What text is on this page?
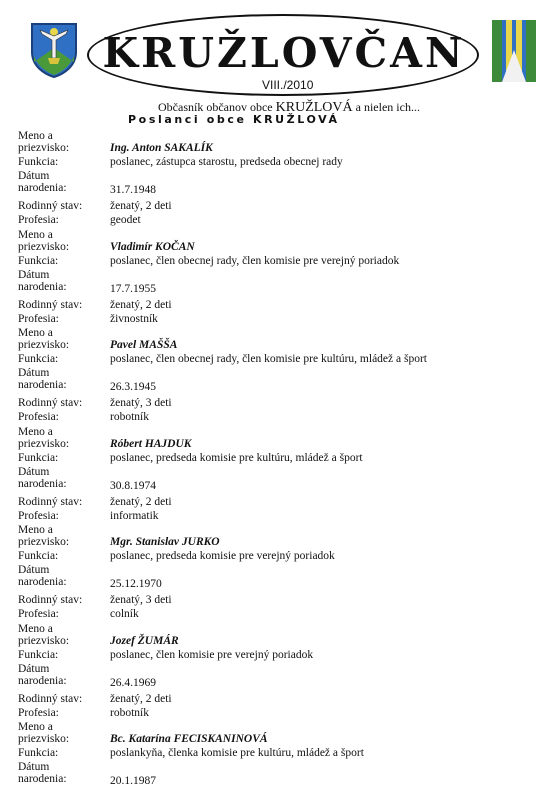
KRUŽLOVČAN
VIII./2010
Občasník občanov obce KRUŽLOVÁ a nielen ich...
Poslanci obce KRUŽLOVÁ
Meno a
priezvisko:	Ing. Anton SAKALÍK
Funkcia:	poslanec, zástupca starostu, predseda obecnej rady
Dátum
narodenia:	31.7.1948
Rodinný stav:	ženatý, 2 deti
Profesia:	geodet
Meno a
priezvisko:	Vladimír KOČAN
Funkcia:	poslanec, člen obecnej rady, člen komisie pre verejný poriadok
Dátum
narodenia:	17.7.1955
Rodinný stav:	ženatý, 2 deti
Profesia:	živnostník
Meno a
priezvisko:	Pavel MAŠŠA
Funkcia:	poslanec, člen obecnej rady, člen komisie pre kultúru, mládež a šport
Dátum
narodenia:	26.3.1945
Rodinný stav:	ženatý, 3 deti
Profesia:	robotník
Meno a
priezvisko:	Róbert HAJDUK
Funkcia:	poslanec, predseda komisie pre kultúru, mládež a šport
Dátum
narodenia:	30.8.1974
Rodinný stav:	ženatý, 2 deti
Profesia:	informatik
Meno a
priezvisko:	Mgr. Stanislav JURKO
Funkcia:	poslanec, predseda komisie pre verejný poriadok
Dátum
narodenia:	25.12.1970
Rodinný stav:	ženatý, 3 deti
Profesia:	colník
Meno a
priezvisko:	Jozef ŽUMÁR
Funkcia:	poslanec, člen komisie pre verejný poriadok
Dátum
narodenia:	26.4.1969
Rodinný stav:	ženatý, 2 deti
Profesia:	robotník
Meno a
priezvisko:	Bc. Katarína FECISKANINOVÁ
Funkcia:	poslankyňa, členka komisie pre kultúru, mládež a šport
Dátum
narodenia:	20.1.1987
